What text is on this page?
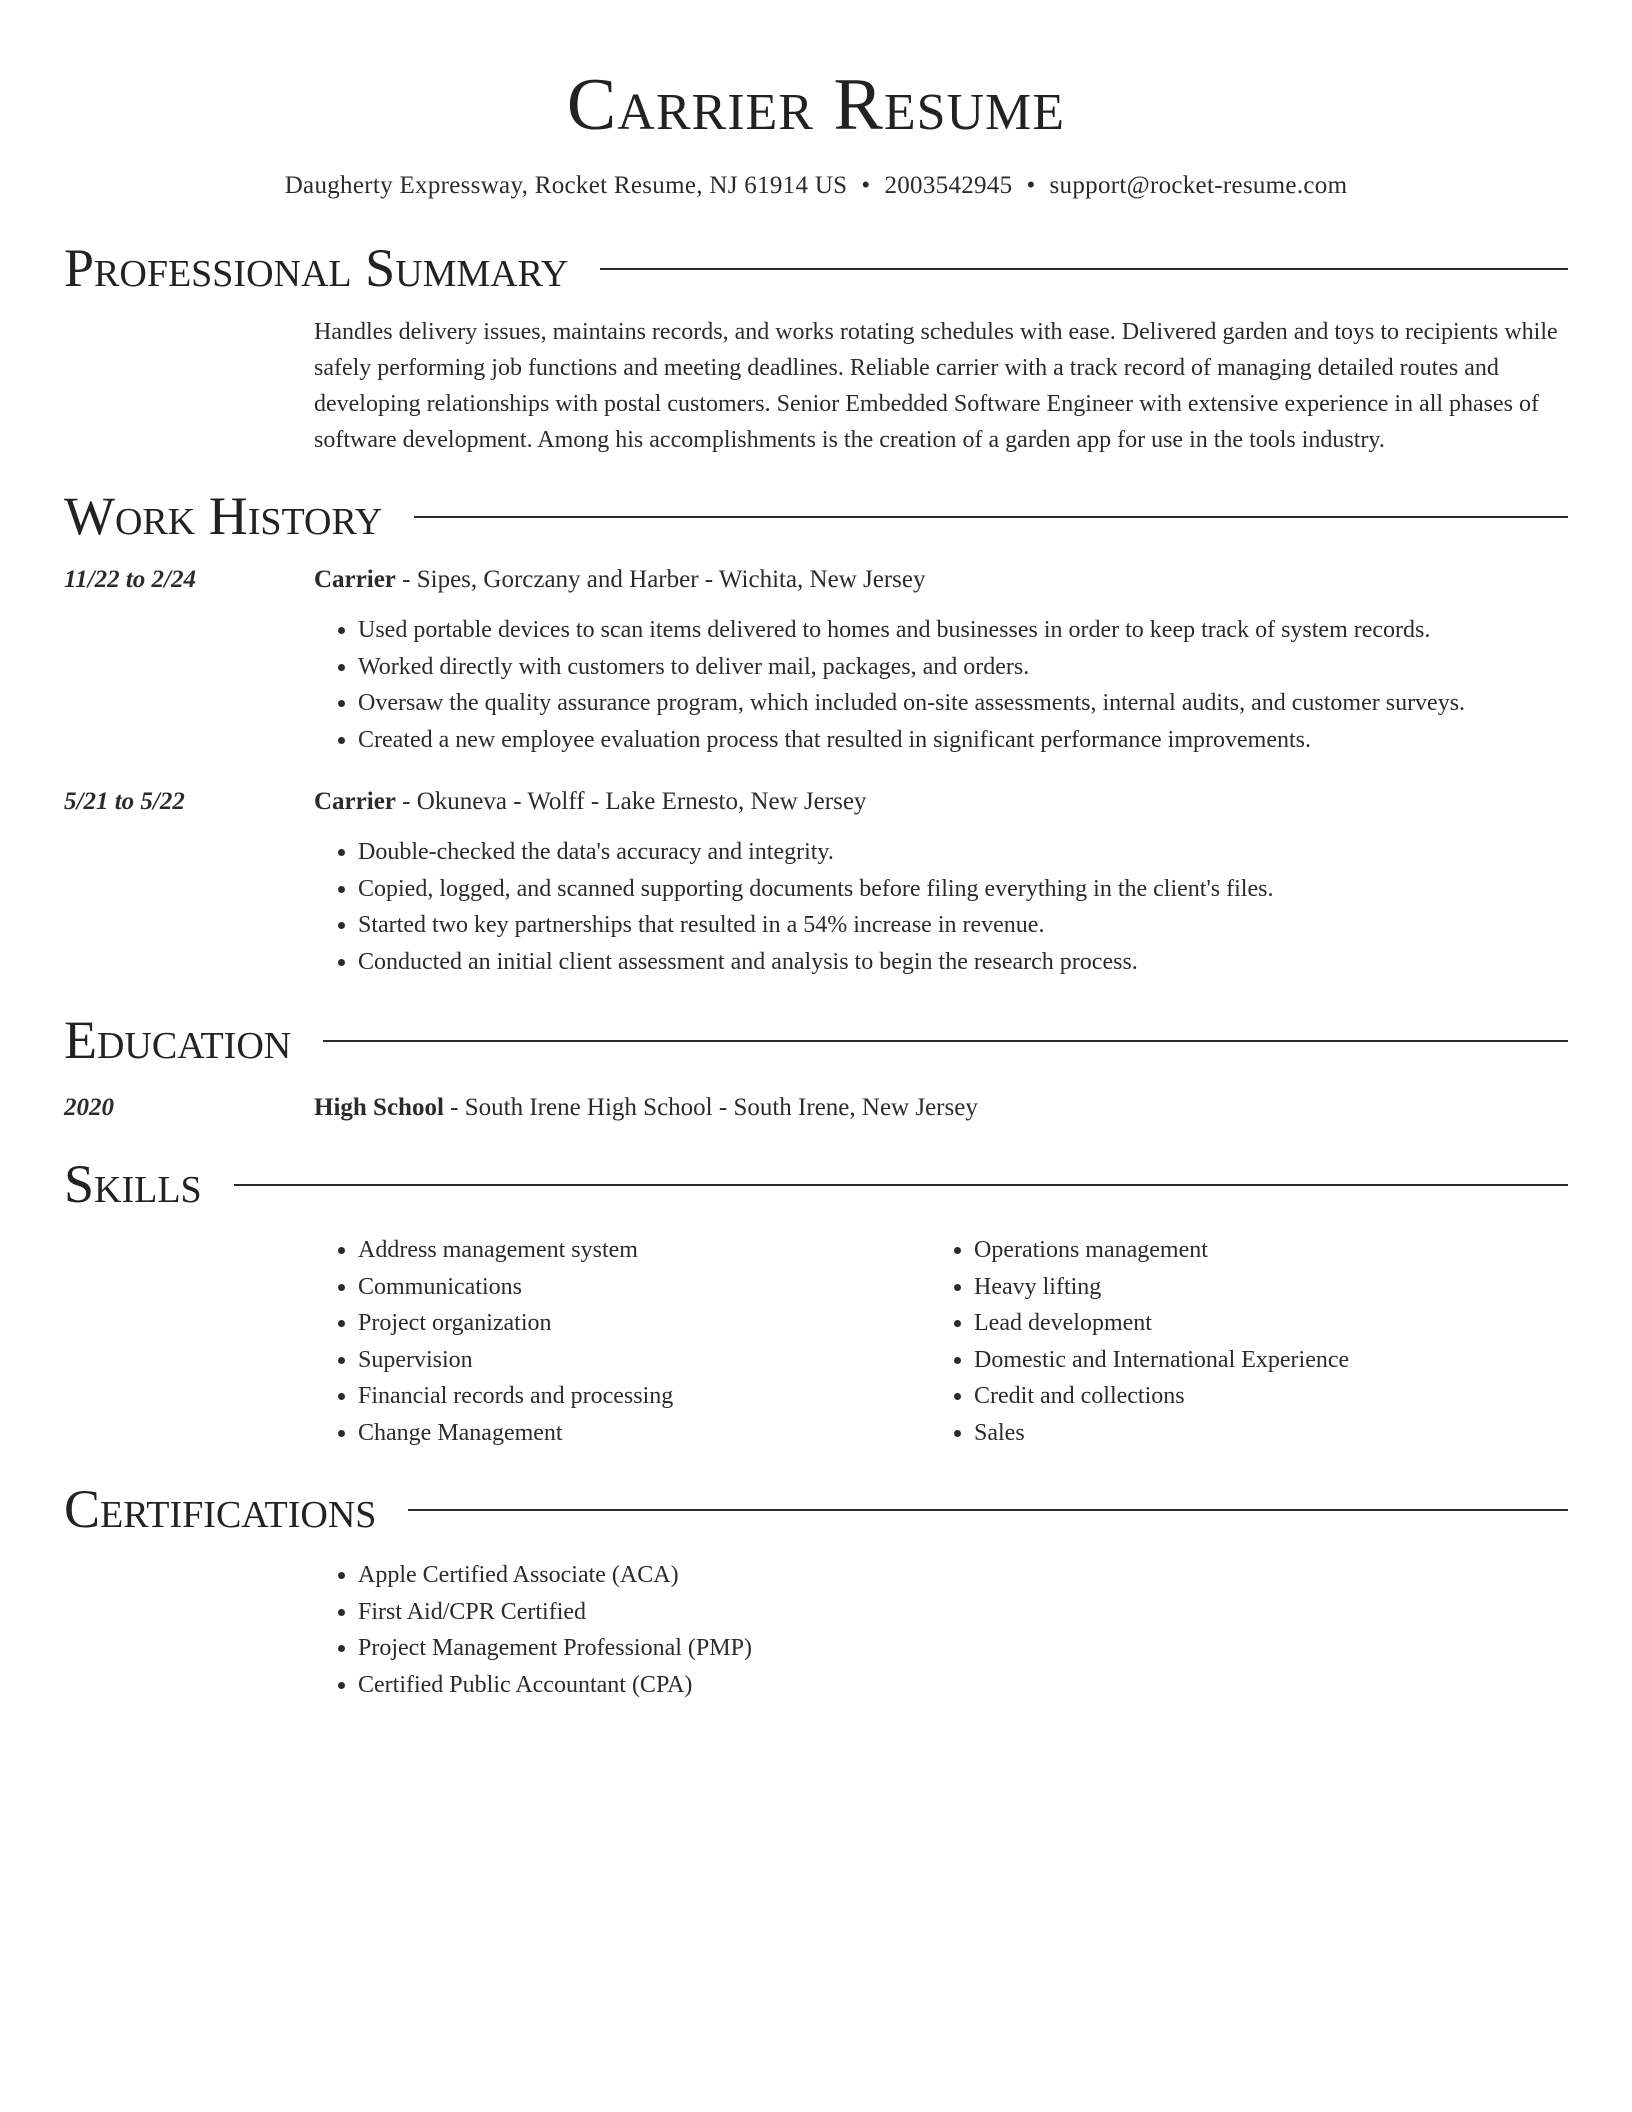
Carrier Resume
Daugherty Expressway, Rocket Resume, NJ 61914 US • 2003542945 • support@rocket-resume.com
Professional Summary
Handles delivery issues, maintains records, and works rotating schedules with ease. Delivered garden and toys to recipients while safely performing job functions and meeting deadlines. Reliable carrier with a track record of managing detailed routes and developing relationships with postal customers. Senior Embedded Software Engineer with extensive experience in all phases of software development. Among his accomplishments is the creation of a garden app for use in the tools industry.
Work History
11/22 to 2/24	Carrier - Sipes, Gorczany and Harber - Wichita, New Jersey
• Used portable devices to scan items delivered to homes and businesses in order to keep track of system records.
• Worked directly with customers to deliver mail, packages, and orders.
• Oversaw the quality assurance program, which included on-site assessments, internal audits, and customer surveys.
• Created a new employee evaluation process that resulted in significant performance improvements.
5/21 to 5/22	Carrier - Okuneva - Wolff - Lake Ernesto, New Jersey
• Double-checked the data's accuracy and integrity.
• Copied, logged, and scanned supporting documents before filing everything in the client's files.
• Started two key partnerships that resulted in a 54% increase in revenue.
• Conducted an initial client assessment and analysis to begin the research process.
Education
2020	High School - South Irene High School - South Irene, New Jersey
Skills
• Address management system
• Communications
• Project organization
• Supervision
• Financial records and processing
• Change Management
• Operations management
• Heavy lifting
• Lead development
• Domestic and International Experience
• Credit and collections
• Sales
Certifications
• Apple Certified Associate (ACA)
• First Aid/CPR Certified
• Project Management Professional (PMP)
• Certified Public Accountant (CPA)
